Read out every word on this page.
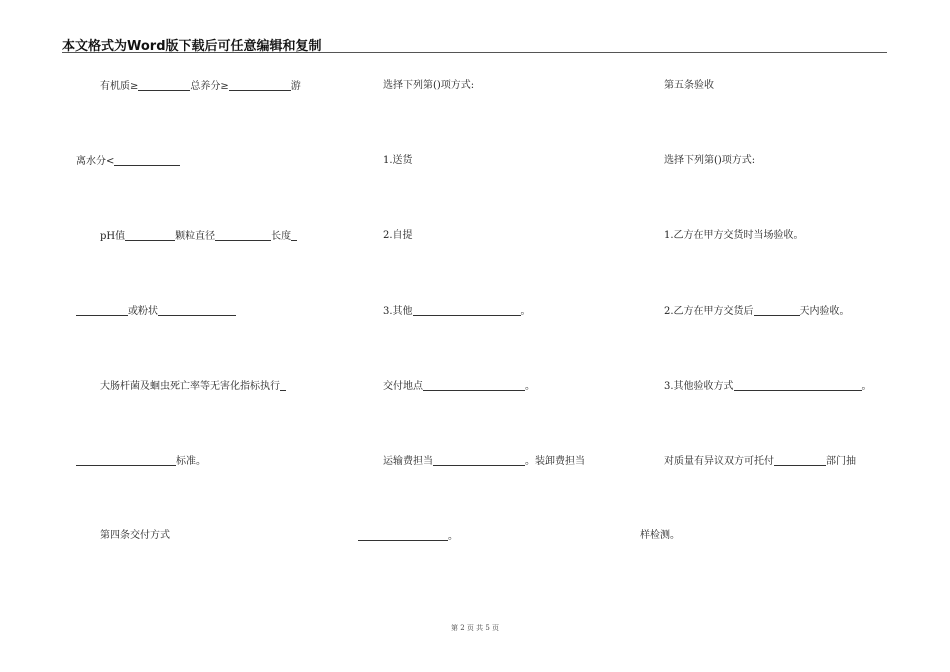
本文格式为Word版下载后可任意编辑和复制
有机质≥	总养分≥	游
离水分<
pH值	颗粒直径	长度
或粉状
大肠杆菌及蛔虫死亡率等无害化指标执行
标准。
第四条交付方式
选择下列第()项方式:
1.送货
2.自提
3.其他	。
交付地点	。
运输费担当	。装卸费担当
。
第五条验收
选择下列第()项方式:
1.乙方在甲方交货时当场验收。
2.乙方在甲方交货后	天内验收。
3.其他验收方式	。
对质量有异议双方可托付	部门抽
样检测。
第 2 页 共 5 页
